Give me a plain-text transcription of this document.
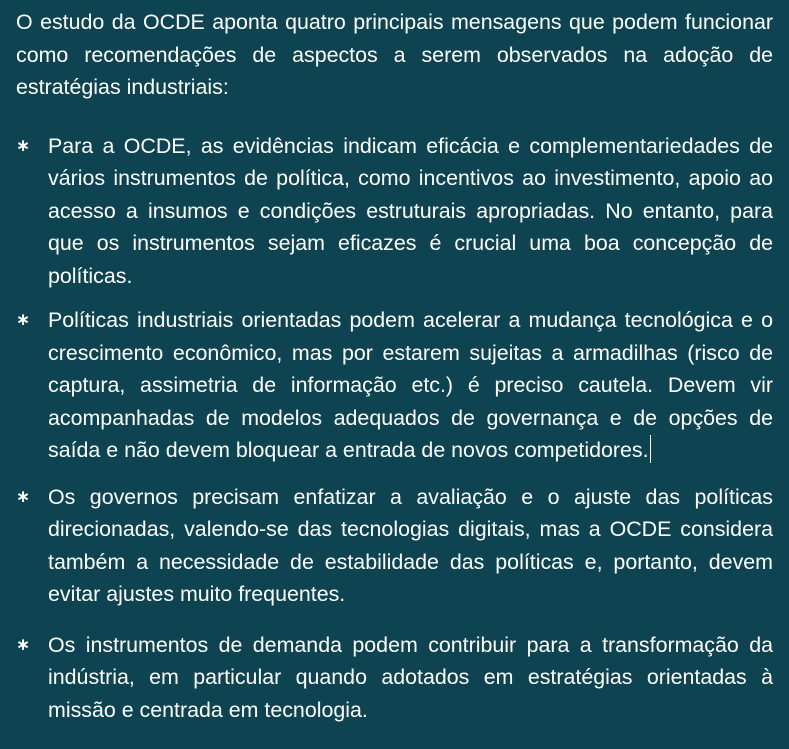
O estudo da OCDE aponta quatro principais mensagens que podem funcionar como recomendações de aspectos a serem observados na adoção de estratégias industriais:

∗ Para a OCDE, as evidências indicam eficácia e complementariedades de vários instrumentos de política, como incentivos ao investimento, apoio ao acesso a insumos e condições estruturais apropriadas. No entanto, para que os instrumentos sejam eficazes é crucial uma boa concepção de políticas.
∗ Políticas industriais orientadas podem acelerar a mudança tecnológica e o crescimento econômico, mas por estarem sujeitas a armadilhas (risco de captura, assimetria de informação etc.) é preciso cautela. Devem vir acompanhadas de modelos adequados de governança e de opções de saída e não devem bloquear a entrada de novos competidores.
∗ Os governos precisam enfatizar a avaliação e o ajuste das políticas direcionadas, valendo-se das tecnologias digitais, mas a OCDE considera também a necessidade de estabilidade das políticas e, portanto, devem evitar ajustes muito frequentes.
∗ Os instrumentos de demanda podem contribuir para a transformação da indústria, em particular quando adotados em estratégias orientadas à missão e centrada em tecnologia.
